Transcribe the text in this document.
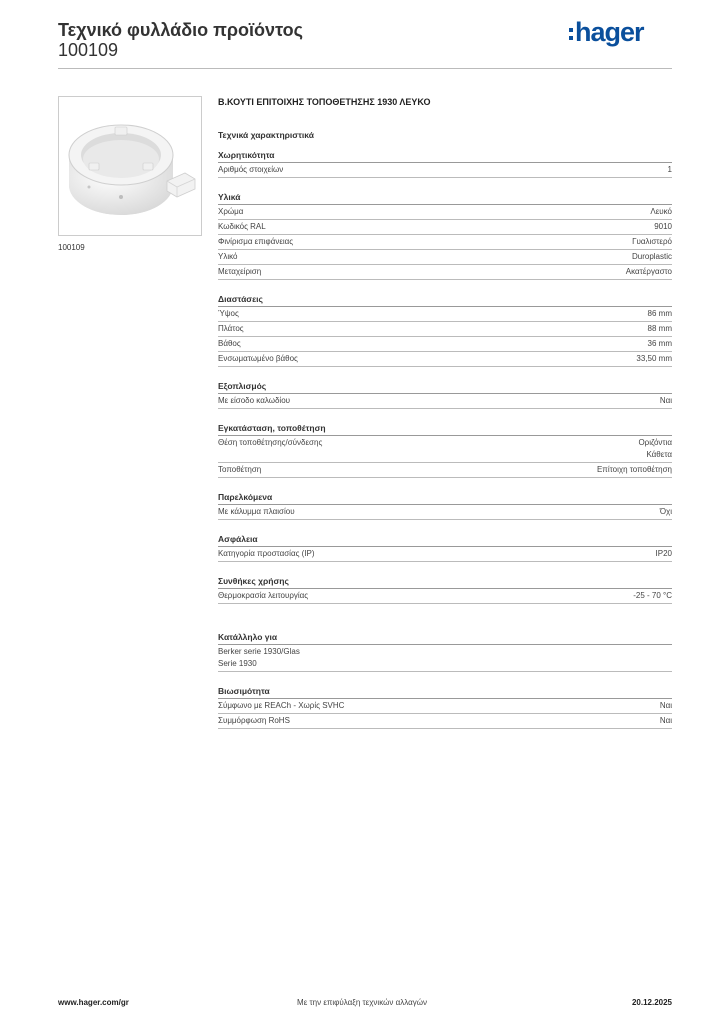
Τεχνικό φυλλάδιο προϊόντος
100109
hager
100109
Β.ΚΟΥΤΙ ΕΠΙΤΟΙΧΗΣ ΤΟΠΟΘΕΤΗΣΗΣ 1930 ΛΕΥΚΟ
Τεχνικά χαρακτηριστικά
Χωρητικότητα
Αριθμός στοιχείων	1
Υλικά
Χρώμα	Λευκό
Κωδικός RAL	9010
Φινίρισμα επιφάνειας	Γυαλιστερό
Υλικό	Duroplastic
Μεταχείριση	Ακατέργαστο
Διαστάσεις
Ύψος	86 mm
Πλάτος	88 mm
Βάθος	36 mm
Ενσωματωμένο βάθος	33,50 mm
Εξοπλισμός
Με είσοδο καλωδίου	Ναι
Εγκατάσταση, τοποθέτηση
Θέση τοποθέτησης/σύνδεσης	Οριζόντια
Κάθετα
Τοποθέτηση	Επίτοιχη τοποθέτηση
Παρελκόμενα
Με κάλυμμα πλαισίου	Όχι
Ασφάλεια
Κατηγορία προστασίας (IP)	IP20
Συνθήκες χρήσης
Θερμοκρασία λειτουργίας	-25 - 70 °C
Κατάλληλο για
Berker serie 1930/Glas
Serie 1930
Βιωσιμότητα
Σύμφωνο με REACh - Χωρίς SVHC	Ναι
Συμμόρφωση RoHS	Ναι
www.hager.com/gr	Με την επιφύλαξη τεχνικών αλλαγών	20.12.2025
